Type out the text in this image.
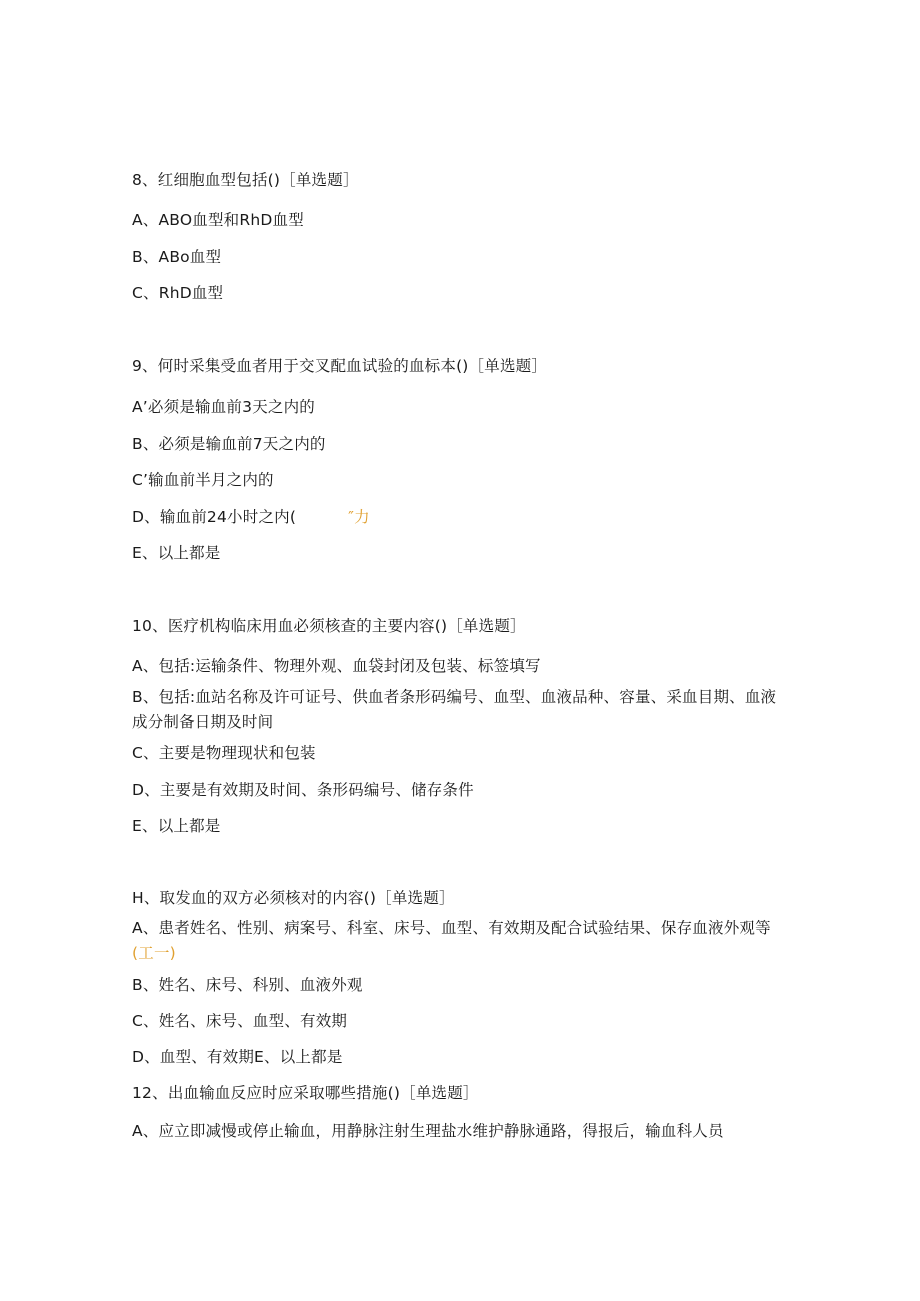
8、红细胞血型包括()［单选题］
A、ABO血型和RhD血型
B、ABo血型
C、RhD血型
9、何时采集受血者用于交叉配血试验的血标本()［单选题］
A’必须是输血前3天之内的
B、必须是输血前7天之内的
C’输血前半月之内的
D、输血前24小时之内(	″力
E、以上都是
10、医疗机构临床用血必须核查的主要内容()［单选题］
A、包括:运输条件、物理外观、血袋封闭及包装、标签填写
B、包括:血站名称及许可证号、供血者条形码编号、血型、血液品种、容量、采血目期、血液成分制备日期及时间
C、主要是物理现状和包装
D、主要是有效期及时间、条形码编号、储存条件
E、以上都是
H、取发血的双方必须核对的内容()［单选题］
A、患者姓名、性别、病案号、科室、床号、血型、有效期及配合试验结果、保存血液外观等(工一)
B、姓名、床号、科别、血液外观
C、姓名、床号、血型、有效期
D、血型、有效期E、以上都是
12、出血输血反应时应采取哪些措施()［单选题］
A、应立即减慢或停止输血，用静脉注射生理盐水维护静脉通路，得报后，输血科人员
